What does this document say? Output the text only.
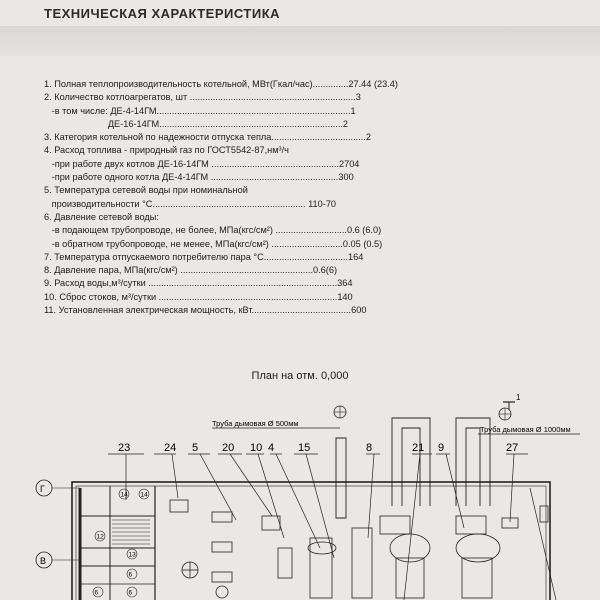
ТЕХНИЧЕСКАЯ ХАРАКТЕРИСТИКА
1. Полная теплопроизводительность котельной, МВт(Гкал/час)..............27.44 (23.4)
2. Количество котлоагрегатов, шт .................................................................3
-в том числе: ДЕ-4-14ГМ............................................................................1
ДЕ-16-14ГМ........................................................................2
3. Категория котельной по надежности отпуска тепла.....................................2
4. Расход топлива - природный газ по ГОСТ5542-87,нм³/ч
-при работе двух котлов ДЕ-16-14ГМ ..................................................2704
-при работе одного котла ДЕ-4-14ГМ ..................................................300
5. Температура сетевой воды при номинальной
производительности °С............................................................ 110-70
6. Давление сетевой воды:
-в подающем трубопроводе, не более, МПа(кгс/см²) ............................0.6 (6.0)
-в обратном трубопроводе, не менее, МПа(кгс/см²) ............................0.05 (0.5)
7. Температура отпускаемого потребителю пара °С.................................164
8. Давление пара, МПа(кгс/см²) ....................................................0.6(6)
9. Расход воды,м³/сутки ..........................................................................364
10. Сброс стоков, м³/сутки ......................................................................140
11. Установленная электрическая мощность, кВт.......................................600
План на отм. 0,000
Труба дымовая Ø 500мм
Труба дымовая Ø 1000мм
1
23	24 5 20 10 4 15	8	21 9	27
Г
В
14 14
12
13
6
6
6
